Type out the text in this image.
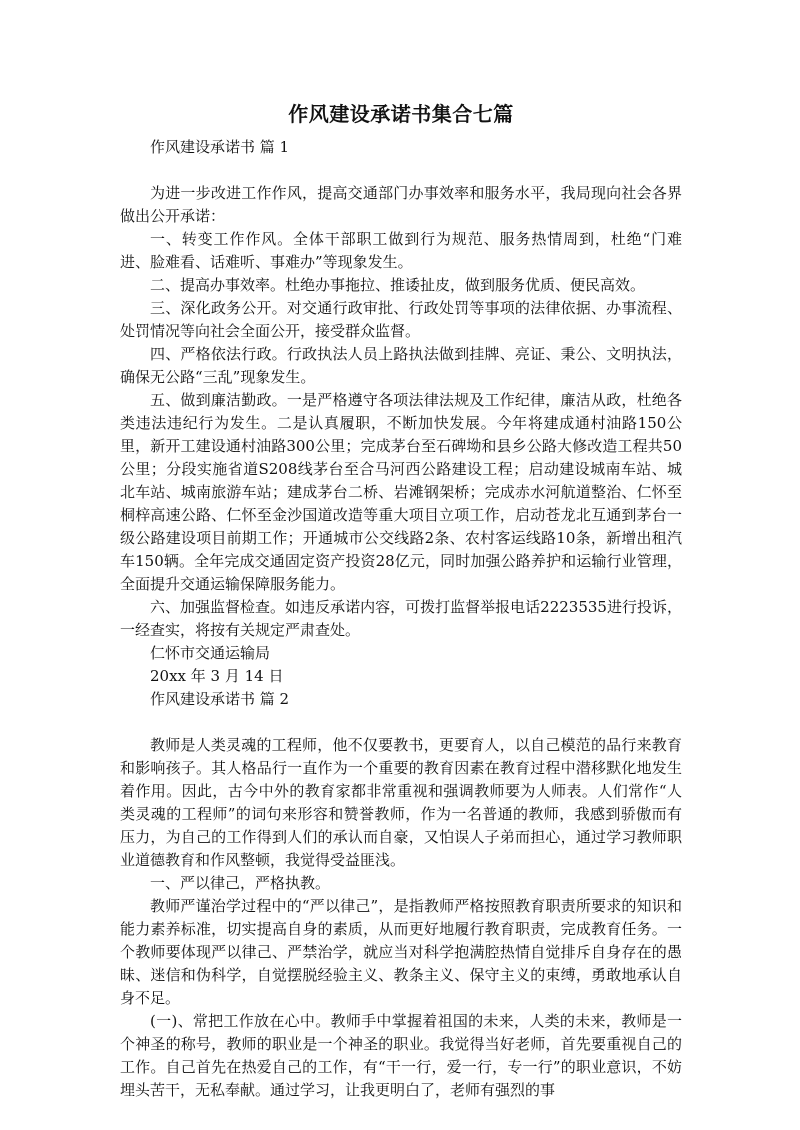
作风建设承诺书集合七篇

作风建设承诺书 篇 1

为进一步改进工作作风，提高交通部门办事效率和服务水平，我局现向社会各界做出公开承诺：

一、转变工作作风。全体干部职工做到行为规范、服务热情周到，杜绝“门难进、脸难看、话难听、事难办”等现象发生。

二、提高办事效率。杜绝办事拖拉、推诿扯皮，做到服务优质、便民高效。

三、深化政务公开。对交通行政审批、行政处罚等事项的法律依据、办事流程、处罚情况等向社会全面公开，接受群众监督。

四、严格依法行政。行政执法人员上路执法做到挂牌、亮证、秉公、文明执法，确保无公路“三乱”现象发生。

五、做到廉洁勤政。一是严格遵守各项法律法规及工作纪律，廉洁从政，杜绝各类违法违纪行为发生。二是认真履职，不断加快发展。今年将建成通村油路150公里，新开工建设通村油路300公里；完成茅台至石碑坳和县乡公路大修改造工程共50公里；分段实施省道S208线茅台至合马河西公路建设工程；启动建设城南车站、城北车站、城南旅游车站；建成茅台二桥、岩滩钢架桥；完成赤水河航道整治、仁怀至桐梓高速公路、仁怀至金沙国道改造等重大项目立项工作，启动苍龙北互通到茅台一级公路建设项目前期工作；开通城市公交线路2条、农村客运线路10条，新增出租汽车150辆。全年完成交通固定资产投资28亿元，同时加强公路养护和运输行业管理，全面提升交通运输保障服务能力。

六、加强监督检查。如违反承诺内容，可拨打监督举报电话2223535进行投诉，一经查实，将按有关规定严肃查处。

仁怀市交通运输局

20xx 年 3 月 14 日

作风建设承诺书 篇 2

教师是人类灵魂的工程师，他不仅要教书，更要育人，以自己模范的品行来教育和影响孩子。其人格品行一直作为一个重要的教育因素在教育过程中潜移默化地发生着作用。因此，古今中外的教育家都非常重视和强调教师要为人师表。人们常作“人类灵魂的工程师”的词句来形容和赞誉教师，作为一名普通的教师，我感到骄傲而有压力，为自己的工作得到人们的承认而自豪，又怕误人子弟而担心，通过学习教师职业道德教育和作风整顿，我觉得受益匪浅。

一、严以律己，严格执教。

教师严谨治学过程中的“严以律己”，是指教师严格按照教育职责所要求的知识和能力素养标准，切实提高自身的素质，从而更好地履行教育职责，完成教育任务。一个教师要体现严以律己、严禁治学，就应当对科学抱满腔热情自觉排斥自身存在的愚昧、迷信和伪科学，自觉摆脱经验主义、教条主义、保守主义的束缚，勇敢地承认自身不足。

(一)、常把工作放在心中。教师手中掌握着祖国的未来，人类的未来，教师是一个神圣的称号，教师的职业是一个神圣的职业。我觉得当好老师，首先要重视自己的工作。自己首先在热爱自己的工作，有“干一行，爱一行，专一行”的职业意识，不妨埋头苦干，无私奉献。通过学习，让我更明白了，老师有强烈的事
